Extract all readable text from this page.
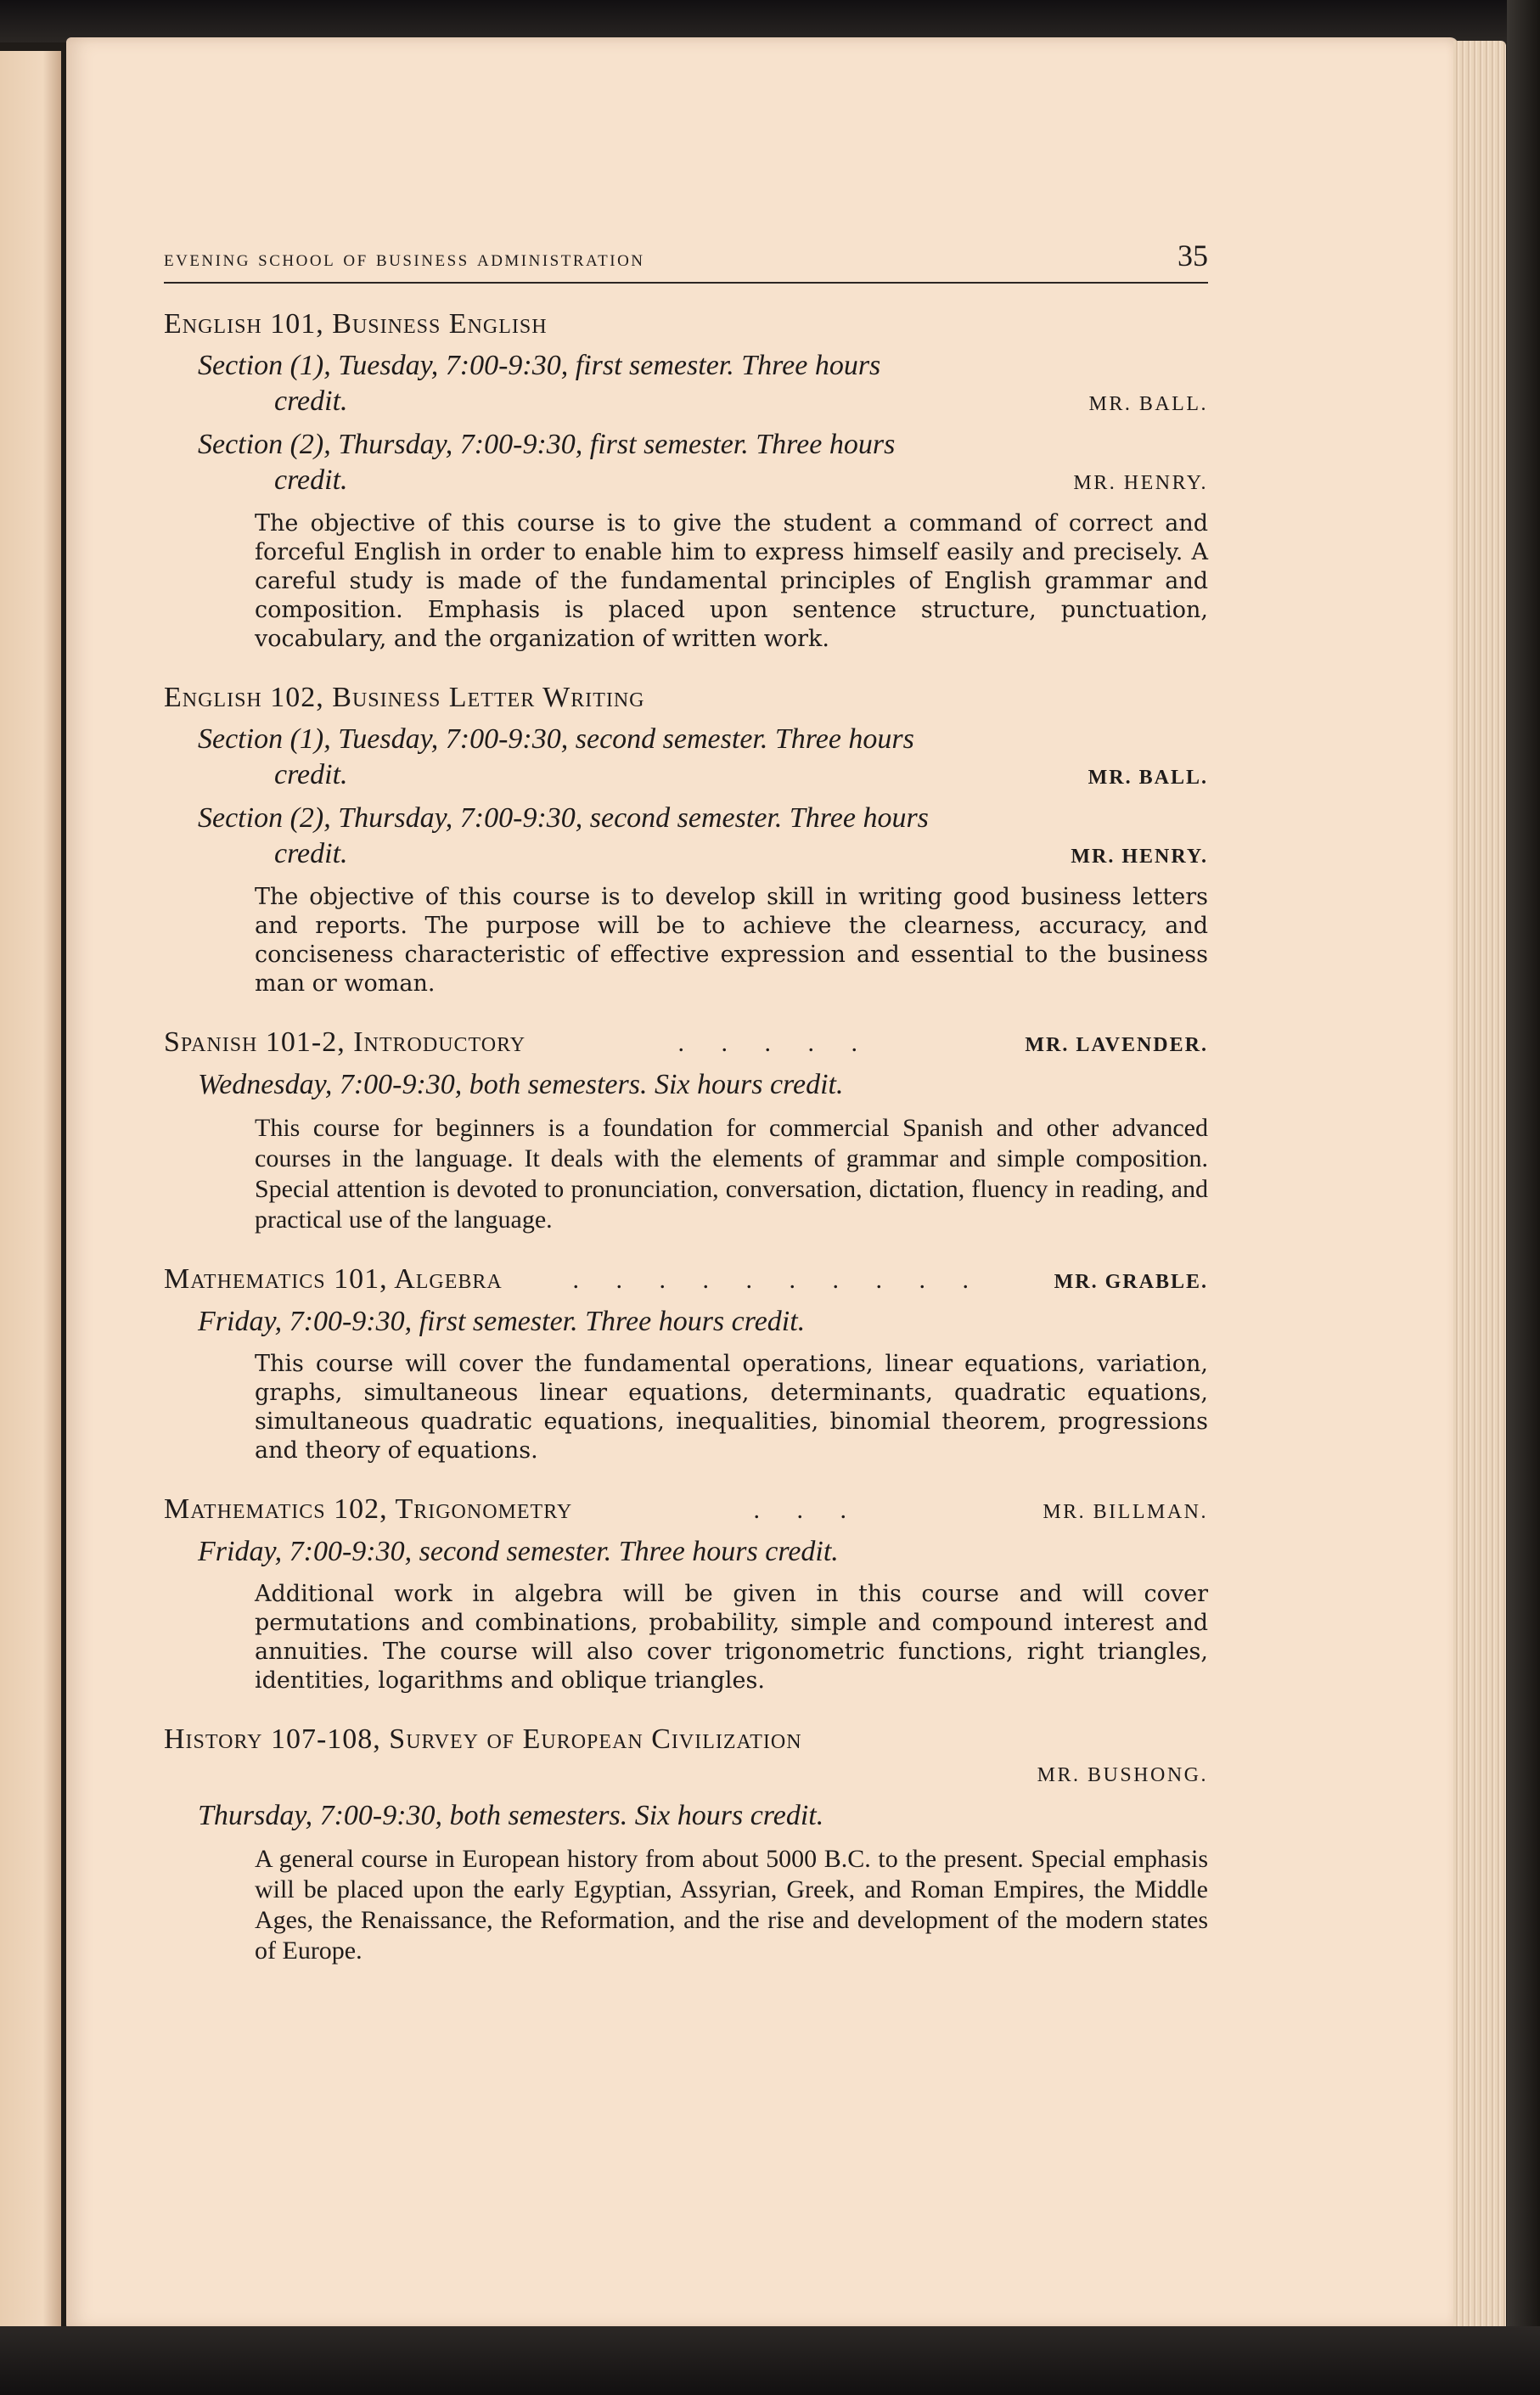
evening school of business administration	35
English 101, Business English
Section (1), Tuesday, 7:00-9:30, first semester. Three hours
credit.	MR. BALL.
Section (2), Thursday, 7:00-9:30, first semester. Three hours
credit.	MR. HENRY.

The objective of this course is to give the student a command of correct and forceful English in order to enable him to express himself easily and precisely. A careful study is made of the fundamental principles of English grammar and composition. Emphasis is placed upon sentence structure, punctuation, vocabulary, and the organization of written work.

English 102, Business Letter Writing
Section (1), Tuesday, 7:00-9:30, second semester. Three hours
credit.	MR. BALL.
Section (2), Thursday, 7:00-9:30, second semester. Three hours
credit.	MR. HENRY.

The objective of this course is to develop skill in writing good business letters and reports. The purpose will be to achieve the clearness, accuracy, and conciseness characteristic of effective expression and essential to the business man or woman.

Spanish 101-2, Introductory	. . . . .	MR. LAVENDER.
Wednesday, 7:00-9:30, both semesters. Six hours credit.

This course for beginners is a foundation for commercial Spanish and other advanced courses in the language. It deals with the elements of grammar and simple composition. Special attention is devoted to pronunciation, conversation, dictation, fluency in reading, and practical use of the language.

Mathematics 101, Algebra	. . . . . . . . . .	MR. GRABLE.
Friday, 7:00-9:30, first semester. Three hours credit.

This course will cover the fundamental operations, linear equations, variation, graphs, simultaneous linear equations, determinants, quadratic equations, simultaneous quadratic equations, inequalities, binomial theorem, progressions and theory of equations.

Mathematics 102, Trigonometry	. . .	MR. BILLMAN.
Friday, 7:00-9:30, second semester. Three hours credit.

Additional work in algebra will be given in this course and will cover permutations and combinations, probability, simple and compound interest and annuities. The course will also cover trigonometric functions, right triangles, identities, logarithms and oblique triangles.

History 107-108, Survey of European Civilization
MR. BUSHONG.
Thursday, 7:00-9:30, both semesters. Six hours credit.

A general course in European history from about 5000 B.C. to the present. Special emphasis will be placed upon the early Egyptian, Assyrian, Greek, and Roman Empires, the Middle Ages, the Renaissance, the Reformation, and the rise and development of the modern states of Europe.
